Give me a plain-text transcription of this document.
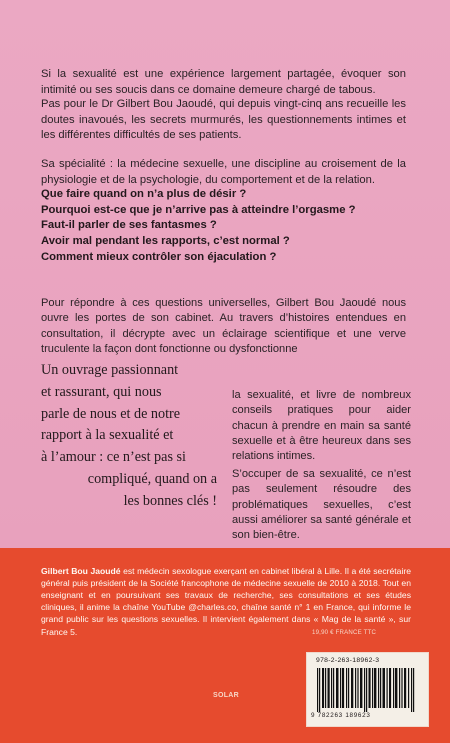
Si la sexualité est une expérience largement partagée, évoquer son intimité ou ses soucis dans ce domaine demeure chargé de tabous.

Pas pour le Dr Gilbert Bou Jaoudé, qui depuis vingt-cinq ans recueille les doutes inavoués, les secrets murmurés, les questionnements intimes et les différentes difficultés de ses patients.

Sa spécialité : la médecine sexuelle, une discipline au croisement de la physiologie et de la psychologie, du comportement et de la relation.

Que faire quand on n’a plus de désir ?
Pourquoi est-ce que je n’arrive pas à atteindre l’orgasme ?
Faut-il parler de ses fantasmes ?
Avoir mal pendant les rapports, c’est normal ?
Comment mieux contrôler son éjaculation ?

Pour répondre à ces questions universelles, Gilbert Bou Jaoudé nous ouvre les portes de son cabinet. Au travers d’histoires entendues en consultation, il décrypte avec un éclairage scientifique et une verve truculente la façon dont fonctionne ou dysfonctionne

la sexualité, et livre de nombreux conseils pratiques pour aider chacun à prendre en main sa santé sexuelle et à être heureux dans ses relations intimes.

S’occuper de sa sexualité, ce n’est pas seulement résoudre des problématiques sexuelles, c’est aussi améliorer sa santé générale et son bien-être.

Un ouvrage passionnant
et rassurant, qui nous
parle de nous et de notre
rapport à la sexualité et
à l’amour : ce n’est pas si
compliqué, quand on a
les bonnes clés !

Gilbert Bou Jaoudé est médecin sexologue exerçant en cabinet libéral à Lille. Il a été secrétaire général puis président de la Société francophone de médecine sexuelle de 2010 à 2018. Tout en enseignant et en poursuivant ses travaux de recherche, ses consultations et ses études cliniques, il anime la chaîne YouTube @charles.co, chaîne santé n° 1 en France, qui informe le grand public sur les questions sexuelles. Il intervient également dans « Mag de la santé », sur France 5.	19,90 € FRANCE TTC
SOLAR
978-2-263-18962-3
9 782263 189623
